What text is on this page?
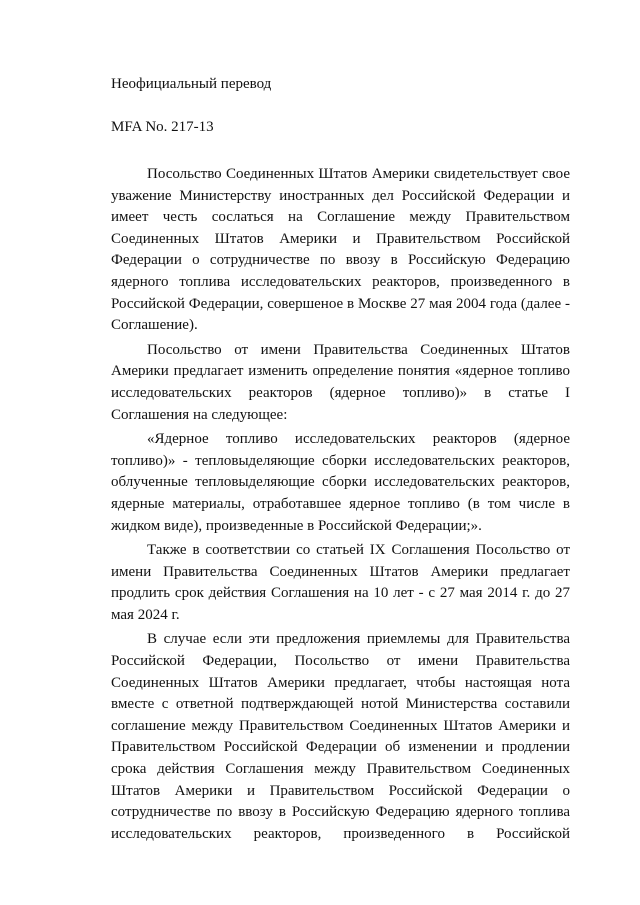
Неофициальный перевод
MFA No. 217-13

Посольство Соединенных Штатов Америки свидетельствует свое уважение Министерству иностранных дел Российской Федерации и имеет честь сослаться на Соглашение между Правительством Соединенных Штатов Америки и Правительством Российской Федерации о сотрудничестве по ввозу в Российскую Федерацию ядерного топлива исследовательских реакторов, произведенного в Российской Федерации, совершеное в Москве 27 мая 2004 года (далее - Соглашение).

Посольство от имени Правительства Соединенных Штатов Америки предлагает изменить определение понятия «ядерное топливо исследовательских реакторов (ядерное топливо)» в статье I Соглашения на следующее:

«Ядерное топливо исследовательских реакторов (ядерное топливо)» - тепловыделяющие сборки исследовательских реакторов, облученные тепловыделяющие сборки исследовательских реакторов, ядерные материалы, отработавшее ядерное топливо (в том числе в жидком виде), произведенные в Российской Федерации;».

Также в соответствии со статьей IX Соглашения Посольство от имени Правительства Соединенных Штатов Америки предлагает продлить срок действия Соглашения на 10 лет - с 27 мая 2014 г. до 27 мая 2024 г.

В случае если эти предложения приемлемы для Правительства Российской Федерации, Посольство от имени Правительства Соединенных Штатов Америки предлагает, чтобы настоящая нота вместе с ответной подтверждающей нотой Министерства составили соглашение между Правительством Соединенных Штатов Америки и Правительством Российской Федерации об изменении и продлении срока действия Соглашения между Правительством Соединенных Штатов Америки и Правительством Российской Федерации о сотрудничестве по ввозу в Российскую Федерацию ядерного топлива исследовательских реакторов, произведенного в Российской
